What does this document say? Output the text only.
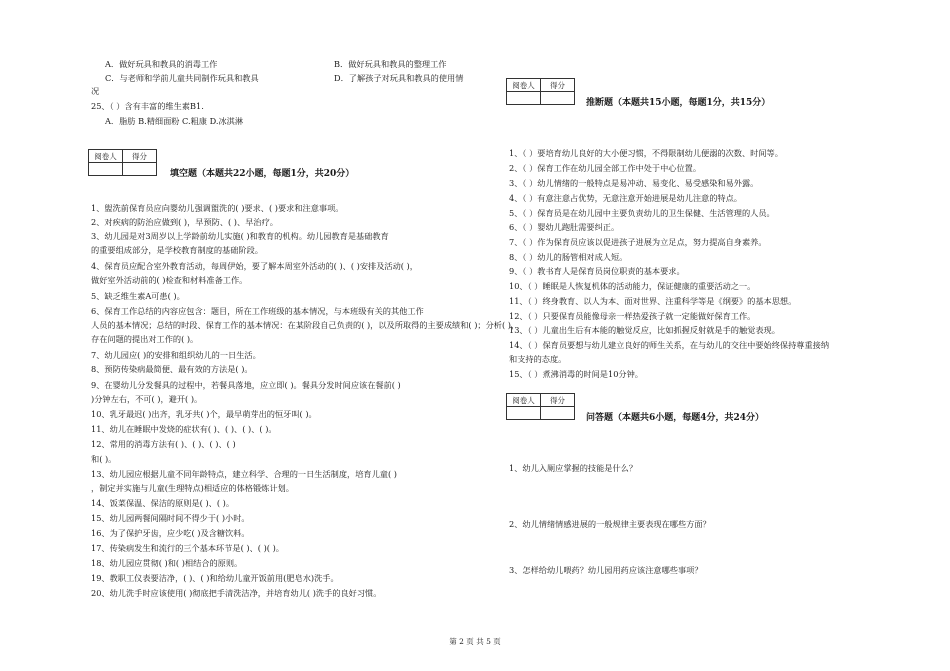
A．做好玩具和教具的消毒工作	B．做好玩具和教具的整理工作
C．与老师和学前儿童共同制作玩具和教具	D．了解孩子对玩具和教具的使用情
况
25、（ ）含有丰富的维生素B1.
A．脂肪 B.精细面粉 C.粗康 D.冰淇淋
阅卷人	得分

填空题（本题共22小题，每题1分，共20分）
1、盥洗前保育员应向婴幼儿强调盥洗的( )要求、( )要求和注意事项。
2、对疾病的防治应做到( )，早预防、( )、早治疗。
3、幼儿园是对3周岁以上学龄前幼儿实施( )和教育的机构。幼儿园教育是基础教育
的重要组成部分，是学校教育制度的基础阶段。
4、保育员应配合室外教育活动，每周伊始，要了解本周室外活动的( )、( )安排及活动( )，
做好室外活动前的( )检查和材料准备工作。
5、缺乏维生素A可患( )。
6、保育工作总结的内容应包含：题目，所在工作班级的基本情况，与本班级有关的其他工作
人员的基本情况；总结的时段、保育工作的基本情况：在某阶段自己负责的( )，以及所取得的主要成绩和( )；分析( )，
存在问题的提出对工作的( )。
7、幼儿园应( )的安排和组织幼儿的一日生活。
8、预防传染病最简便、最有效的方法是( )。
9、在婴幼儿分发餐具的过程中，若餐具落地，应立即( )。餐具分发时间应该在餐前( )
)分钟左右，不可( )，避开( )。
10、乳牙最迟( )出齐，乳牙共( )个，最早萌芽出的恒牙叫( )。
11、幼儿在睡眠中发烧的症状有( )、( )、( )、( )。
12、常用的消毒方法有( )、( )、( )、( )
和( )。
13、幼儿园应根据儿童不同年龄特点，建立科学、合理的一日生活制度，培育儿童( )
，制定并实施与儿童(生理特点)相适应的体格锻炼计划。
14、饭菜保温、保洁的原则是( )、( )。
15、幼儿园两餐间隔时间不得少于( )小时。
16、为了保护牙齿，应少吃( )及含糖饮料。
17、传染病发生和流行的三个基本环节是( )、( )( )。
18、幼儿园应贯彻( )和( )相结合的原则。
19、教职工仪表要洁净，( )、( )和给幼儿童开饭前用(肥皂水)洗手。
20、幼儿洗手时应该使用( )彻底把手清洗洁净，并培育幼儿( )洗手的良好习惯。
阅卷人	得分

推断题（本题共15小题，每题1分，共15分）
1、（ ）要培育幼儿良好的大小便习惯，不得限制幼儿便溺的次数、时间等。
2、（ ）保育工作在幼儿园全部工作中处于中心位置。
3、（ ）幼儿情绪的一般特点是易冲动、易变化、易受感染和易外露。
4、（ ）有意注意占优势，无意注意开始进展是幼儿注意的特点。
5、（ ）保育员是在幼儿园中主要负责幼儿的卫生保健、生活管理的人员。
6、（ ）婴幼儿跑肚需要纠正。
7、（ ）作为保育员应该以促进孩子进展为立足点，努力提高自身素养。
8、（ ）幼儿的肠管相对成人短。
9、（ ）教书育人是保育员岗位职责的基本要求。
10、（ ）睡眠是人恢复机体的活动能力，保证健康的重要活动之一。
11、（ ）终身教育、以人为本、面对世界、注重科学等是《纲要》的基本思想。
12、（ ）只要保育员能像母亲一样热爱孩子就一定能做好保育工作。
13、（ ）儿童出生后有本能的触觉反应，比如抓握反射就是手的触觉表现。
14、（ ）保育员要想与幼儿建立良好的师生关系，在与幼儿的交往中要始终保持尊重接纳
和支持的态度。
15、（ ）煮沸消毒的时间是10分钟。
阅卷人	得分

问答题（本题共6小题，每题4分，共24分）
1、幼儿入厕应掌握的技能是什么？
2、幼儿情绪情感进展的一般规律主要表现在哪些方面？
3、怎样给幼儿喂药？幼儿园用药应该注意哪些事项？
第 2 页 共 5 页
